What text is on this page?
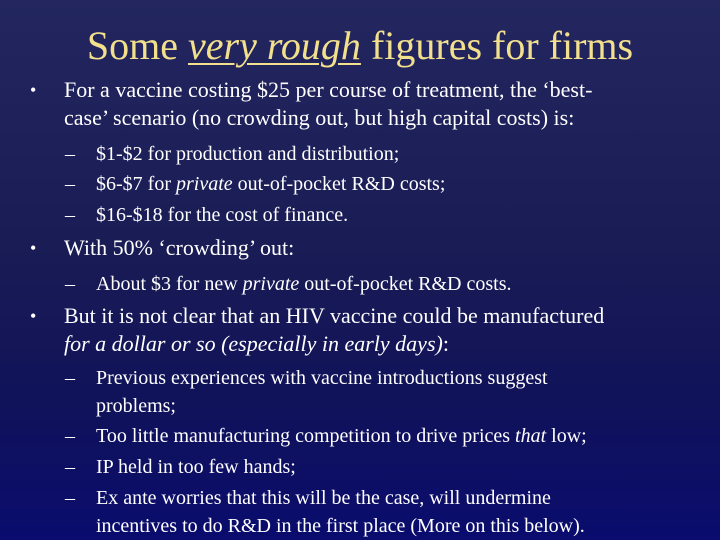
Some very rough figures for firms
• For a vaccine costing $25 per course of treatment, the ‘best-
case’ scenario (no crowding out, but high capital costs) is:
– $1-$2 for production and distribution;
– $6-$7 for private out-of-pocket R&D costs;
– $16-$18 for the cost of finance.
• With 50% ‘crowding’ out:
– About $3 for new private out-of-pocket R&D costs.
• But it is not clear that an HIV vaccine could be manufactured
for a dollar or so (especially in early days):
– Previous experiences with vaccine introductions suggest
problems;
– Too little manufacturing competition to drive prices that low;
– IP held in too few hands;
– Ex ante worries that this will be the case, will undermine
incentives to do R&D in the first place (More on this below).
